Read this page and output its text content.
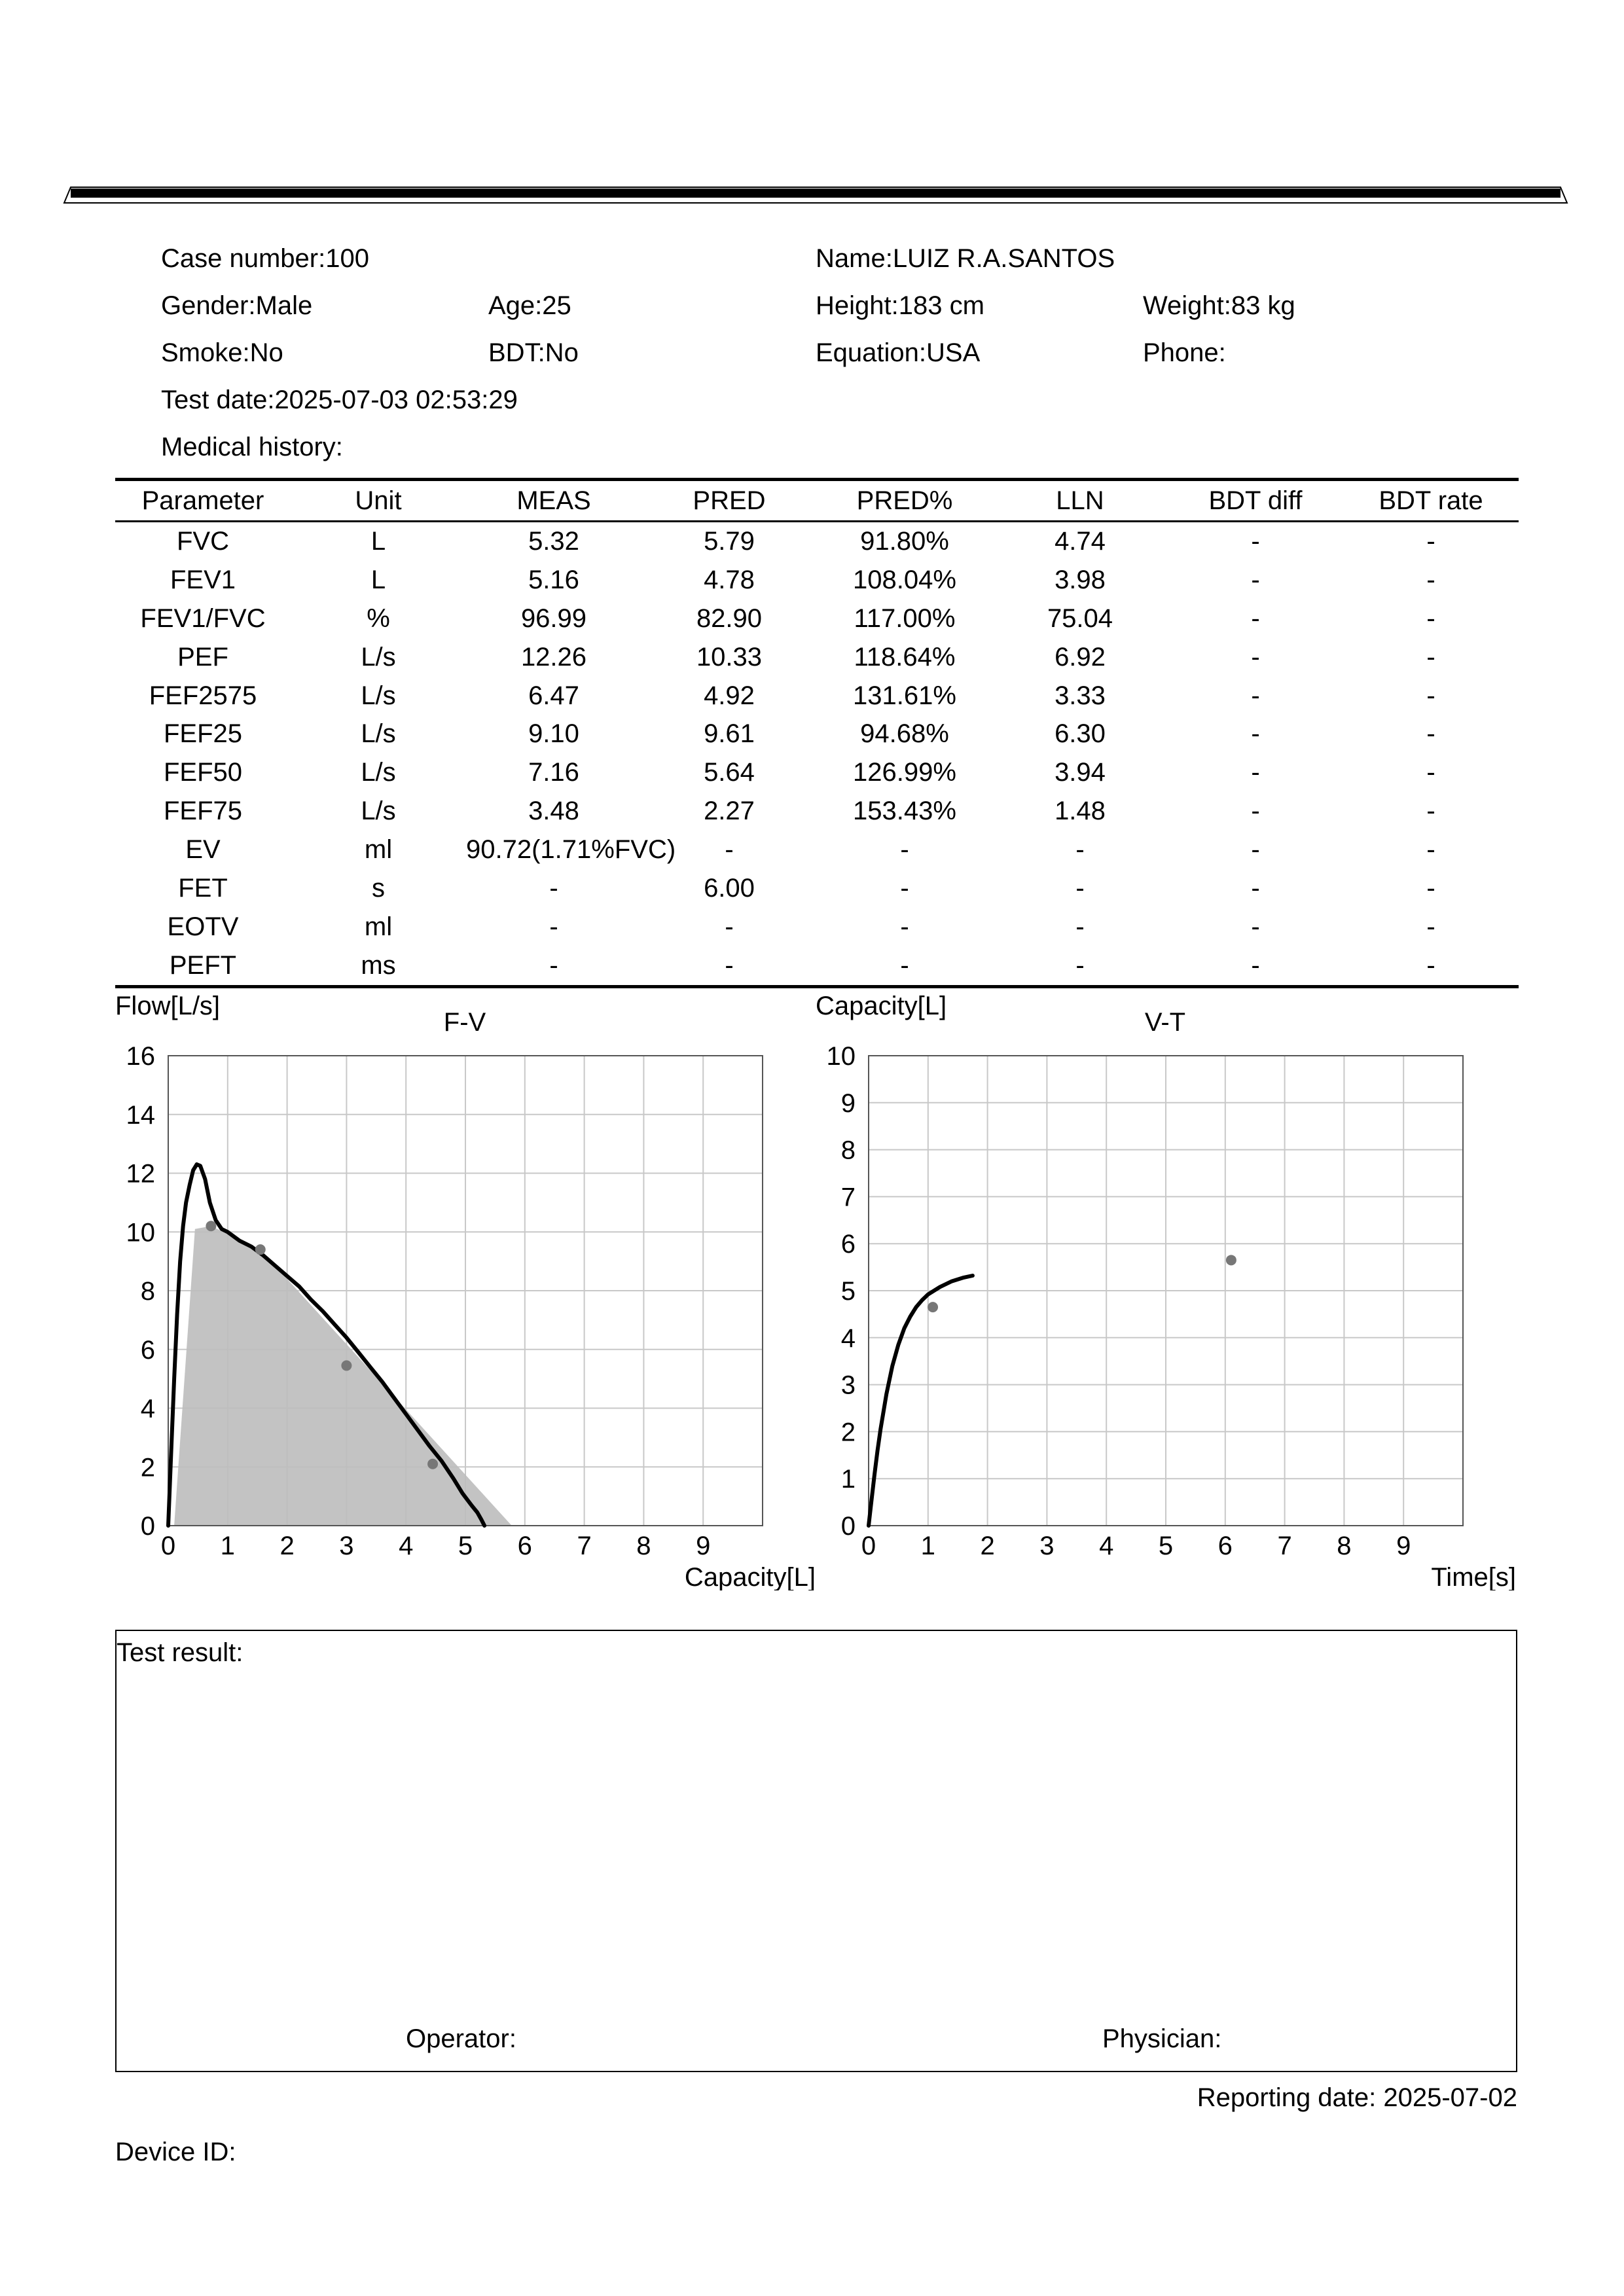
Case number:100	Name:LUIZ R.A.SANTOS
Gender:Male	Age:25	Height:183 cm	Weight:83 kg
Smoke:No	BDT:No	Equation:USA	Phone:
Test date:2025-07-03 02:53:29
Medical history:
Parameter	Unit	MEAS	PRED	PRED%	LLN	BDT diff	BDT rate
FVC	L	5.32	5.79	91.80%	4.74	-	-
FEV1	L	5.16	4.78	108.04%	3.98	-	-
FEV1/FVC	%	96.99	82.90	117.00%	75.04	-	-
PEF	L/s	12.26	10.33	118.64%	6.92	-	-
FEF2575	L/s	6.47	4.92	131.61%	3.33	-	-
FEF25	L/s	9.10	9.61	94.68%	6.30	-	-
FEF50	L/s	7.16	5.64	126.99%	3.94	-	-
FEF75	L/s	3.48	2.27	153.43%	1.48	-	-
EV	ml	90.72(1.71%FVC)	-	-	-	-	-
FET	s	-	6.00	-	-	-	-
EOTV	ml	-	-	-	-	-	-
PEFT	ms	-	-	-	-	-	-
0 1 2 3 4 5 6 7 8 9
0
2
4
6
8
10
12
14
16
F-V
Flow[L/s]
Capacity[L]
0 1 2 3 4 5 6 7 8 9
0
1
2
3
4
5
6
7
8
9
10
V-T
Capacity[L]
Time[s]
Test result:
Operator:	Physician:
Reporting date: 2025-07-02
Device ID:
